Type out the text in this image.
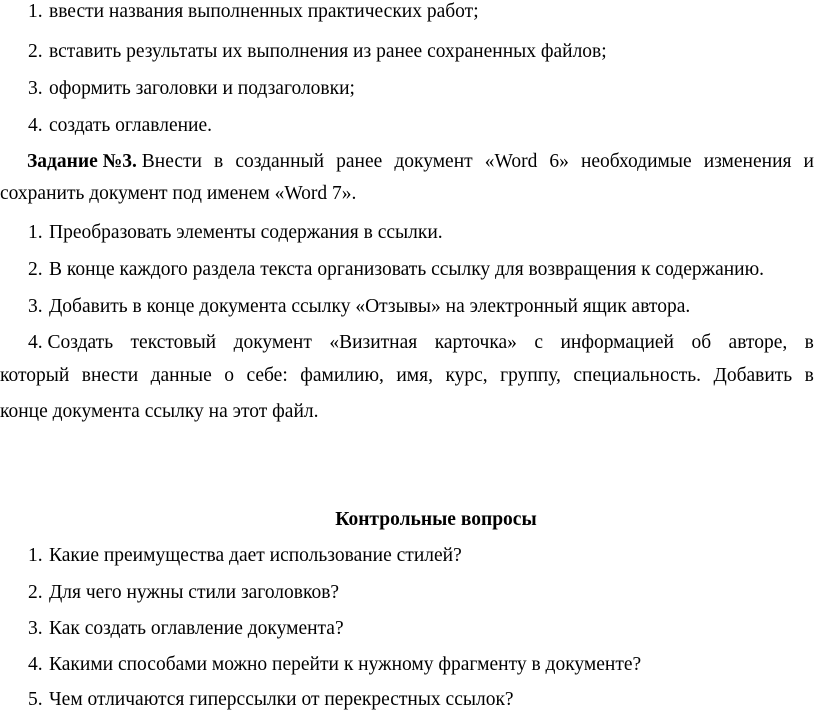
1. ввести названия выполненных практических работ;
2. вставить результаты их выполнения из ранее сохраненных файлов;
3. оформить заголовки и подзаголовки;
4. создать оглавление.
Задание №3. Внести в созданный ранее документ «Word 6» необходимые изменения и
сохранить документ под именем «Word 7».
1. Преобразовать элементы содержания в ссылки.
2. В конце каждого раздела текста организовать ссылку для возвращения к содержанию.
3. Добавить в конце документа ссылку «Отзывы» на электронный ящик автора.
4. Создать текстовый документ «Визитная карточка» с информацией об авторе, в
который внести данные о себе: фамилию, имя, курс, группу, специальность. Добавить в
конце документа ссылку на этот файл.
Контрольные вопросы
1. Какие преимущества дает использование стилей?
2. Для чего нужны стили заголовков?
3. Как создать оглавление документа?
4. Какими способами можно перейти к нужному фрагменту в документе?
5. Чем отличаются гиперссылки от перекрестных ссылок?
